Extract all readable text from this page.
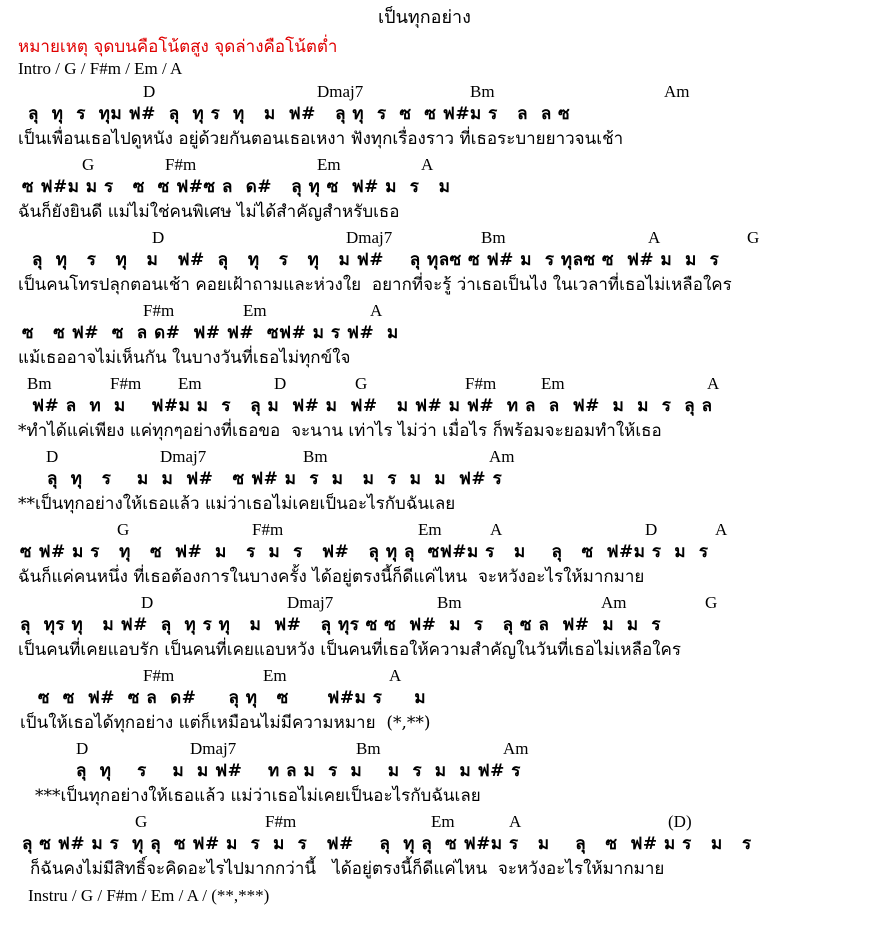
เป็นทุกอย่าง
หมายเหตุ จุดบนคือโน้ตสูง จุดล่างคือโน้ตต่ำ
Intro / G / F#m / Em / A
D	Dmaj7	Bm	Am
ลุ  ทุ  ร  ทุม ฟ#  ลุ  ทุ ร  ทุ   ม  ฟ#   ลุ ทุ  ร  ซ  ซ ฟ#ม ร   ล  ล ซ
เป็นเพื่อนเธอไปดูหนัง อยู่ด้วยกันตอนเธอเหงา ฟังทุกเรื่องราว ที่เธอระบายยาวจนเช้า
G	F#m	Em	A
ซ ฟ#ม ม ร   ซ  ซ ฟ#ซ ล  ด#   ลุ ทุ ซ  ฟ# ม  ร   ม
ฉันก็ยังยินดี แม่ไม่ใช่คนพิเศษ ไม่ได้สำคัญสำหรับเธอ
D	Dmaj7	Bm	A	G
ลุ  ทุ   ร   ทุ   ม   ฟ#  ลุ   ทุ   ร   ทุ   ม ฟ#    ลุ ทุลซ ซ ฟ# ม  ร ทุลซ ซ  ฟ# ม  ม  ร
เป็นคนโทรปลุกตอนเช้า คอยเฝ้าถามและห่วงใย  อยากที่จะรู้ ว่าเธอเป็นไง ในเวลาที่เธอไม่เหลือใคร
F#m	Em	A
ซ   ซ ฟ#  ซ  ล ด#  ฟ# ฟ#  ซฟ# ม ร ฟ#  ม
แม้เธออาจไม่เห็นกัน ในบางวันที่เธอไม่ทุกข์ใจ
Bm	F#m Em	D	G	F#m	Em	A
ฟ# ล  ท  ม    ฟ#ม ม  ร   ลุ ม  ฟ# ม  ฟ#   ม ฟ# ม ฟ#  ท ล  ล  ฟ#  ม  ม  ร  ลุ ล
*ทำได้แค่เพียง แค่ทุกๆอย่างที่เธอขอ  จะนาน เท่าไร ไม่ว่า เมื่อไร ก็พร้อมจะยอมทำให้เธอ
D	Dmaj7	Bm	Am
ลุ  ทุ   ร    ม  ม  ฟ#   ซ ฟ# ม  ร  ม   ม  ร  ม  ม  ฟ# ร
**เป็นทุกอย่างให้เธอแล้ว แม่ว่าเธอไม่เคยเป็นอะไรกับฉันเลย
G	F#m	Em	A	D	A
ซ ฟ# ม ร   ทุ   ซ  ฟ#  ม   ร  ม  ร   ฟ#   ลุ ทุ ลุ  ซฟ#ม ร   ม    ลุ   ซ  ฟ#ม ร  ม  ร
ฉันก็แค่คนหนึ่ง ที่เธอต้องการในบางครั้ง ได้อยู่ตรงนี้ก็ดีแค่ไหน  จะหวังอะไรให้มากมาย
D	Dmaj7	Bm	Am	G
ลุ  ทุร ทุ   ม ฟ#  ลุ  ทุ ร ทุ   ม  ฟ#   ลุ ทุร ซ ซ  ฟ#  ม  ร   ลุ ซ ล  ฟ#  ม  ม  ร
เป็นคนที่เคยแอบรัก เป็นคนที่เคยแอบหวัง เป็นคนที่เธอให้ความสำคัญในวันที่เธอไม่เหลือใคร
F#m	Em	A
ซ  ซ  ฟ#  ซ ล  ด#     ลุ ทุ   ซ      ฟ#ม ร     ม
เป็นให้เธอได้ทุกอย่าง แต่ก็เหมือนไม่มีความหมาย  (*,**)
D	Dmaj7	Bm	Am
ลุ  ทุ    ร    ม  ม ฟ#    ท ล ม  ร  ม    ม  ร  ม  ม ฟ# ร
***เป็นทุกอย่างให้เธอแล้ว แม่ว่าเธอไม่เคยเป็นอะไรกับฉันเลย
G	F#m	Em	A	(D)
ลุ ซ ฟ# ม ร  ทุ ลุ  ซ ฟ# ม  ร  ม  ร   ฟ#    ลุ  ทุ ลุ  ซ ฟ#ม ร   ม    ลุ   ซ  ฟ# ม ร   ม   ร
ก็ฉันคงไม่มีสิทธิ์จะคิดอะไรไปมากกว่านี้   ได้อยู่ตรงนี้ก็ดีแค่ไหน  จะหวังอะไรให้มากมาย
Instru / G / F#m / Em / A / (**,***)
